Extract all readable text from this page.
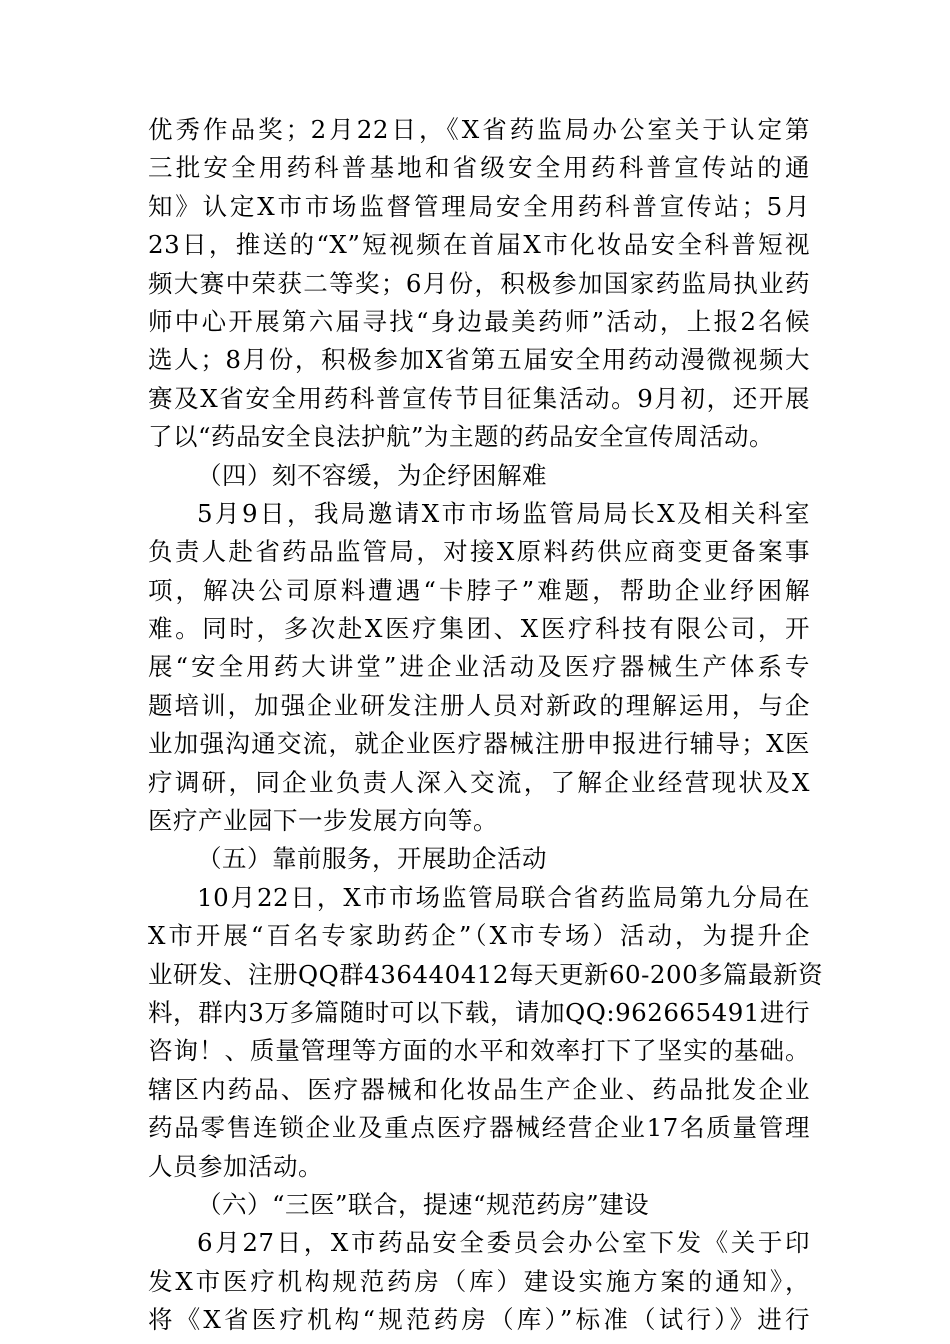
优秀作品奖；2月22日，《X省药监局办公室关于认定第
三批安全用药科普基地和省级安全用药科普宣传站的通
知》认定X市市场监督管理局安全用药科普宣传站；5月
23日，推送的“X”短视频在首届X市化妆品安全科普短视
频大赛中荣获二等奖；6月份，积极参加国家药监局执业药
师中心开展第六届寻找“身边最美药师”活动，上报2名候
选人；8月份，积极参加X省第五届安全用药动漫微视频大
赛及X省安全用药科普宣传节目征集活动。9月初，还开展
了以“药品安全良法护航”为主题的药品安全宣传周活动。
（四）刻不容缓，为企纾困解难
5月9日，我局邀请X市市场监管局局长X及相关科室
负责人赴省药品监管局，对接X原料药供应商变更备案事
项，解决公司原料遭遇“卡脖子”难题，帮助企业纾困解
难。同时，多次赴X医疗集团、X医疗科技有限公司，开
展“安全用药大讲堂”进企业活动及医疗器械生产体系专
题培训，加强企业研发注册人员对新政的理解运用，与企
业加强沟通交流，就企业医疗器械注册申报进行辅导；X医
疗调研，同企业负责人深入交流，了解企业经营现状及X
医疗产业园下一步发展方向等。
（五）靠前服务，开展助企活动
10月22日，X市市场监管局联合省药监局第九分局在
X市开展“百名专家助药企”（X市专场）活动，为提升企
业研发、注册QQ群436440412每天更新60-200多篇最新资
料，群内3万多篇随时可以下载，请加QQ:962665491进行
咨询！、质量管理等方面的水平和效率打下了坚实的基础。
辖区内药品、医疗器械和化妆品生产企业、药品批发企业
药品零售连锁企业及重点医疗器械经营企业17名质量管理
人员参加活动。
（六）“三医”联合，提速“规范药房”建设
6月27日，X市药品安全委员会办公室下发《关于印
发X市医疗机构规范药房（库）建设实施方案的通知》，
将《X省医疗机构“规范药房（库）”标准（试行）》进行
